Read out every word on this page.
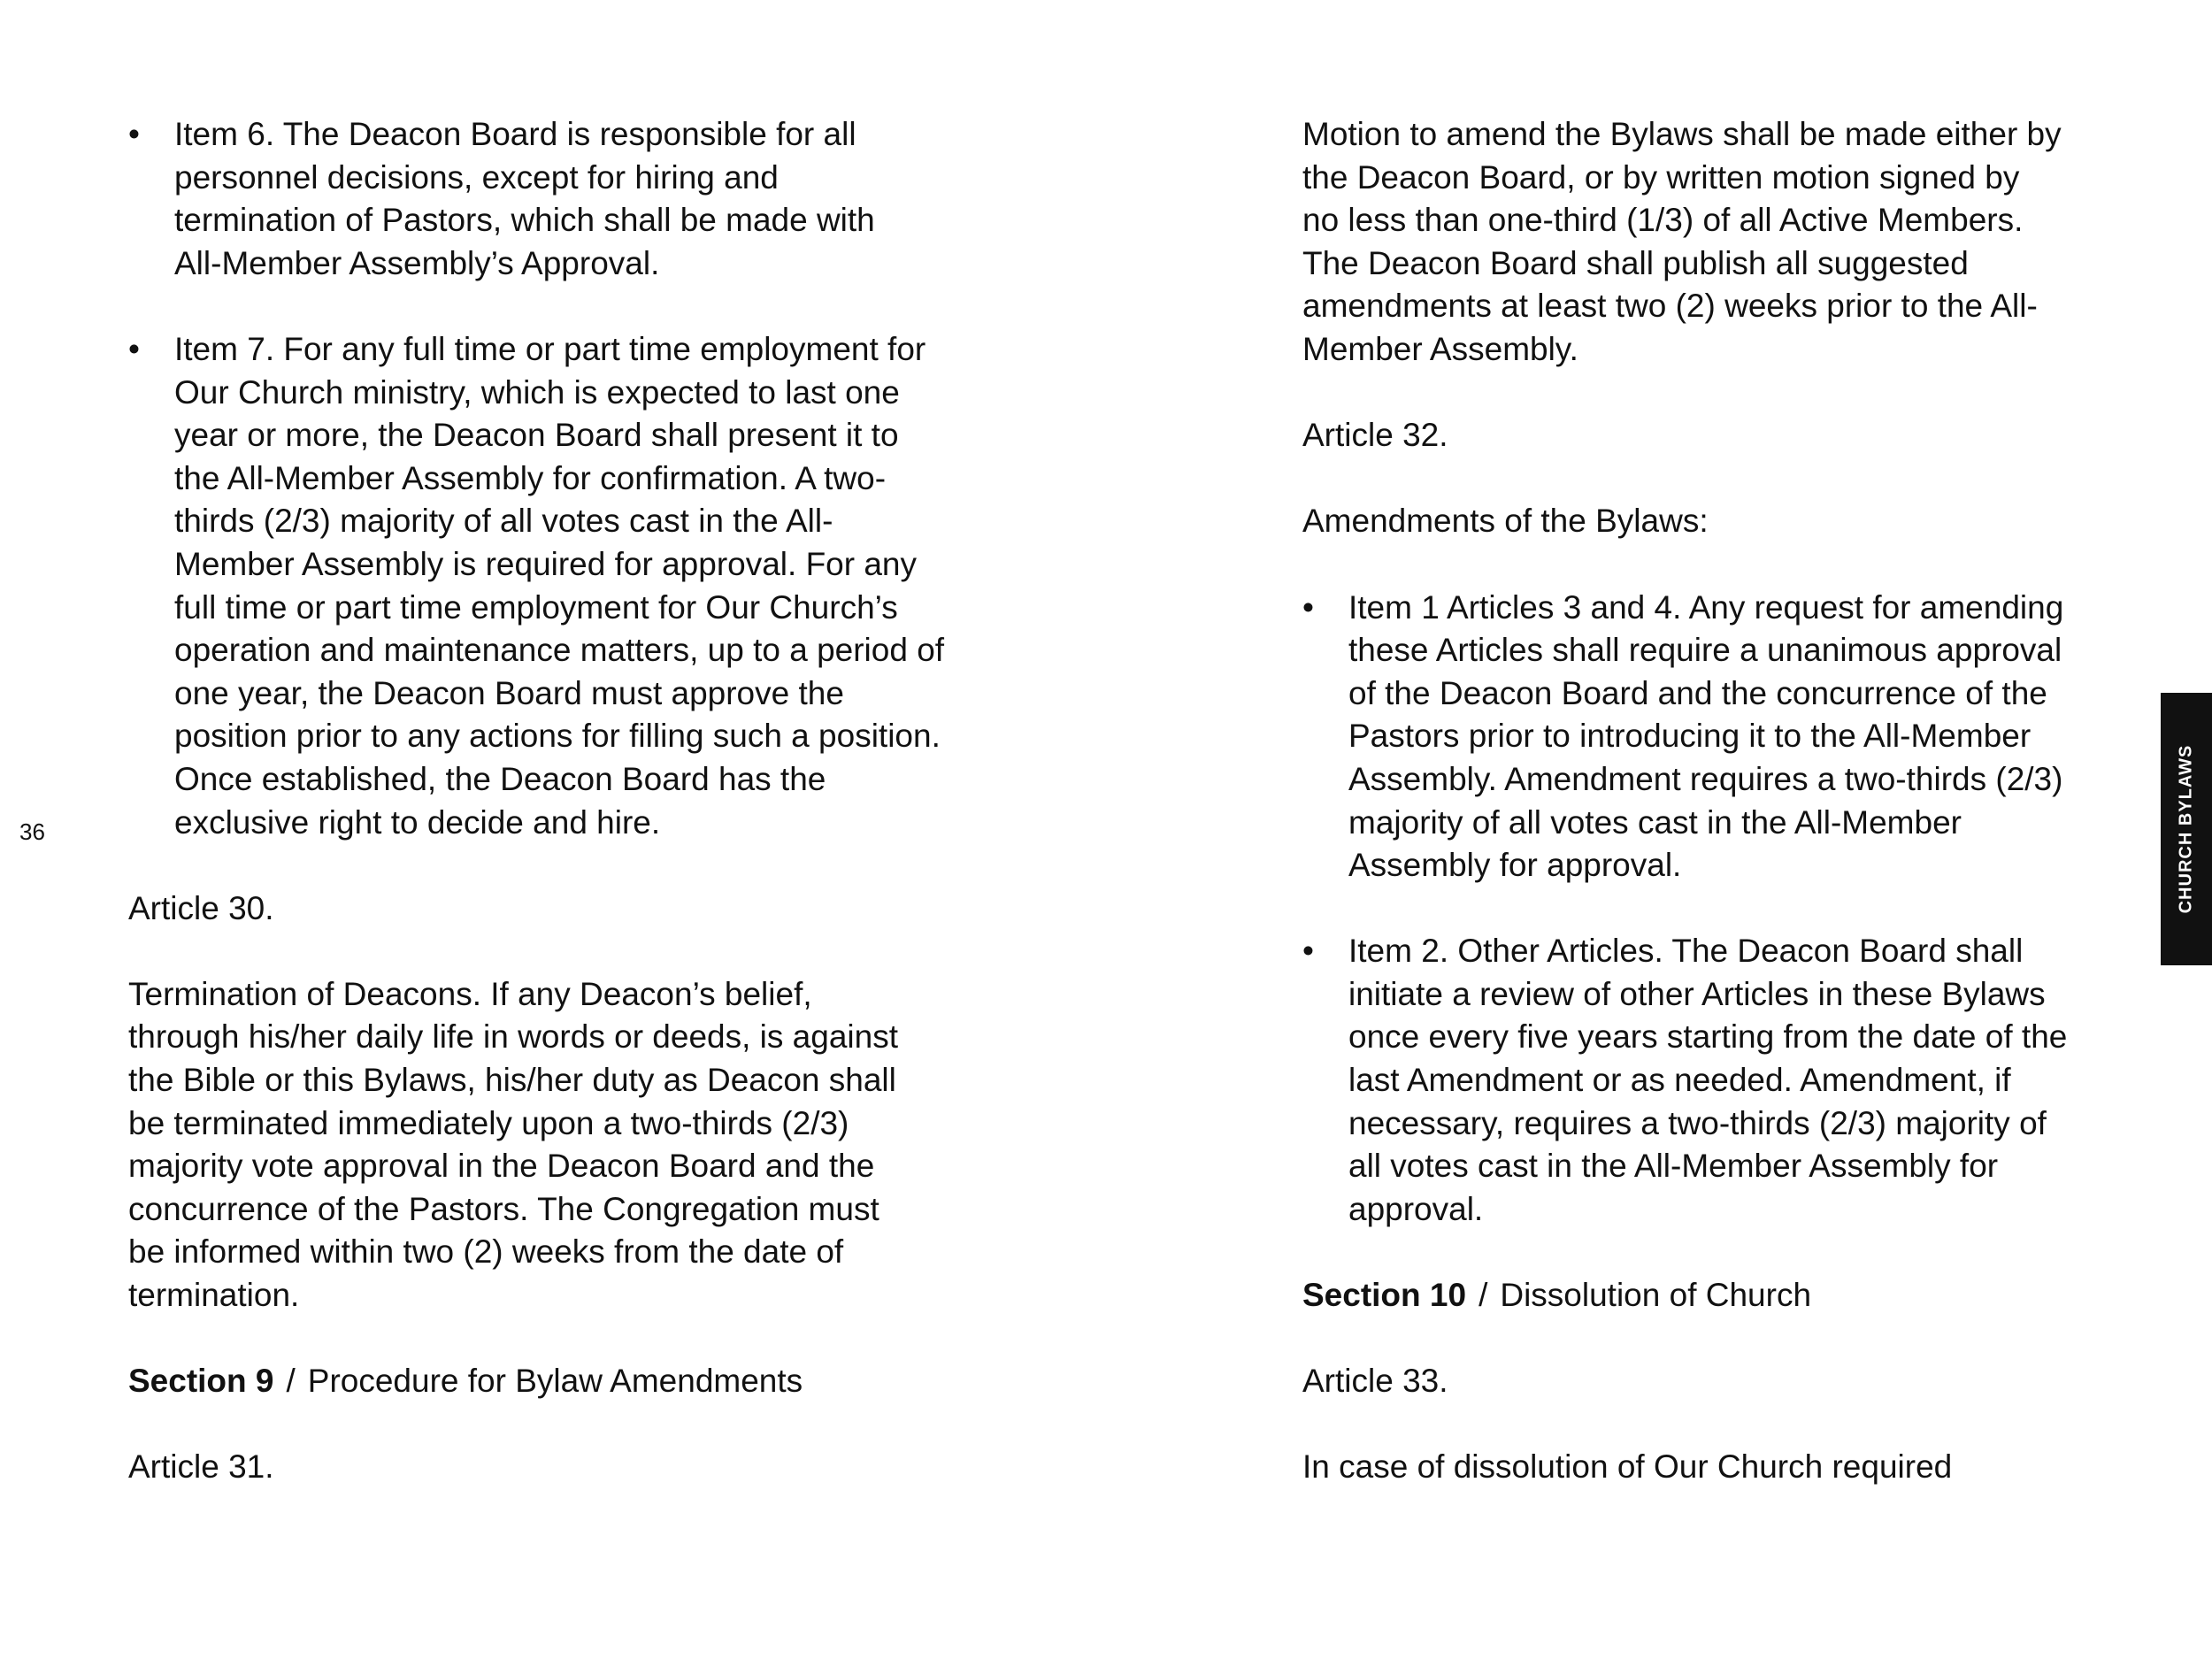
36
• Item 6. The Deacon Board is responsible for all personnel decisions, except for hiring and termination of Pastors, which shall be made with All-Member Assembly’s Approval.
• Item 7. For any full time or part time employment for Our Church ministry, which is expected to last one year or more, the Deacon Board shall present it to the All-Member Assembly for confirmation. A two-thirds (2/3) majority of all votes cast in the All-Member Assembly is required for approval. For any full time or part time employment for Our Church’s operation and maintenance matters, up to a period of one year, the Deacon Board must approve the position prior to any actions for filling such a position. Once established, the Deacon Board has the exclusive right to decide and hire.

Article 30.

Termination of Deacons. If any Deacon’s belief, through his/her daily life in words or deeds, is against the Bible or this Bylaws, his/her duty as Deacon shall be terminated immediately upon a two-thirds (2/3) majority vote approval in the Deacon Board and the concurrence of the Pastors. The Congregation must be informed within two (2) weeks from the date of termination.

Section 9 / Procedure for Bylaw Amendments

Article 31.

Motion to amend the Bylaws shall be made either by the Deacon Board, or by written motion signed by no less than one-third (1/3) of all Active Members. The Deacon Board shall publish all suggested amendments at least two (2) weeks prior to the All-Member Assembly.

Article 32.

Amendments of the Bylaws:

• Item 1 Articles 3 and 4. Any request for amending these Articles shall require a unanimous approval of the Deacon Board and the concurrence of the Pastors prior to introducing it to the All-Member Assembly. Amendment requires a two-thirds (2/3) majority of all votes cast in the All-Member Assembly for approval.
• Item 2. Other Articles. The Deacon Board shall initiate a review of other Articles in these Bylaws once every five years starting from the date of the last Amendment or as needed. Amendment, if necessary, requires a two-thirds (2/3) majority of all votes cast in the All-Member Assembly for approval.

Section 10 / Dissolution of Church

Article 33.

In case of dissolution of Our Church required

CHURCH BYLAWS
